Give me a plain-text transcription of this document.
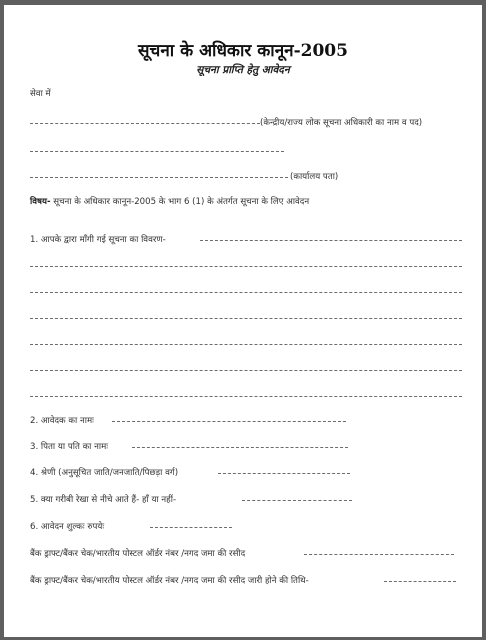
सूचना के अधिकार कानून-2005
सूचना प्राप्ति हेतु आवेदन
सेवा में
(केन्द्रीय/राज्य लोक सूचना अधिकारी का नाम व पद)
(कार्यालय पता)
विषय- सूचना के अधिकार कानून-2005 के भाग 6 (1) के अंतर्गत सूचना के लिए आवेदन
1. आपके द्वारा माँगी गई सूचना का विवरण-
2. आवेदक का नामः
3. पिता या पति का नामः
4. श्रेणी (अनुसूचित जाति/जनजाति/पिछड़ा वर्ग)
5. क्या गरीबी रेखा से नीचे आते हैं- हाँ या नहीं-
6. आवेदन शुल्कः रुपयेः
बैंक ड्राफ्ट/बैंकर चेक/भारतीय पोस्टल ऑर्डर नंबर /नगद जमा की रसीद
बैंक ड्राफ्ट/बैंकर चेक/भारतीय पोस्टल ऑर्डर नंबर /नगद जमा की रसीद जारी होने की तिथि-
